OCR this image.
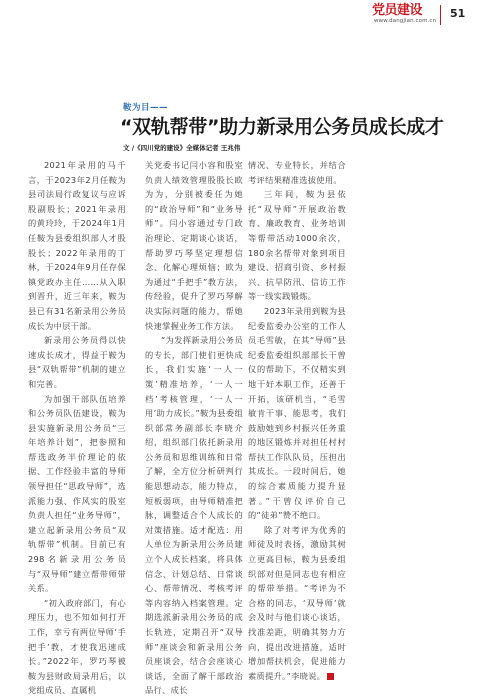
党员建设
www.dangjian.com.cn
51
鞍为目——
“双轨帮带”助力新录用公务员成长成才
文 /《四川党的建设》全媒体记者 王兆伟

2021年录用的马千言，于2023年2月任鞍为县司法局行政复议与应诉股副股长；2021年录用的黄玲玲，于2024年1月任鞍为县委组织部人才股股长；2022年录用的丁林，于2024年9月任存保镇党政办主任……从入职到晋升，近三年来，鞍为县已有31名新录用公务员成长为中层干部。

新录用公务员得以快速成长成才，得益于鞍为县“双轨帮带”机制的建立和完善。

为加强干部队伍培养和公务员队伍建设，鞍为县实施新录用公务员“三年培养计划”，把参照和帮选政务半价理论的依据、工作经验丰富的导师领导担任“思政导师”，选派能力强、作风实的股室负责人担任“业务导师”，建立起新录用公务员“双轨帮带”机制。目前已有298名新录用公务员与“双导师”建立帮带师带关系。

“初入政府部门，有心理压力，也不知如何打开工作，幸亏有两位导师‘手把手’教，才使我迅速成长。”2022年，罗巧琴被鞍为县财政局录用后，以党组成员、直属机

关党委书记闫小容和股室负责人绩效管理股股长欧为为，分别被委任为她的“政治导师”和“业务导师”。闫小容通过专门政治理论、定期谈心谈话，帮助罗巧琴坚定理想信念、化解心理烦恼；欧为为通过“手把手”教方法，传经验，促升了罗巧琴解决实际问题的能力，帮她快速掌握业务工作方法。

“为发挥新录用公务员的专长，部门使们更快成长，我们实施‘一人一策’精准培养，‘一人一档’考核管理，‘一人一用’助力成长。”鞍为县委组织部常务副部长李晓介绍，组织部门依托新录用公务员和思维训练和日常了解，全方位分析研判行能思想动态，能力特点，短板弱项，由导师精准把脉，调整适合个人成长的对策措施。适才配选：用人单位为新录用公务员建立个人成长档案，将具体信念、计划总结、日常谈心、帮带情况、考核考评等内容纳入档案管理。定期选派新录用公务员的成长轨迹，定期召开“双导师”座谈会和新录用公务员座谈会，结合会座谈心谈话，全面了解干部政治品行、成长

情况、专业特长，并结合考评结果精准选拔使用。

三年间，鞍为县依托“双导师”开展政治教育、廉政教育、业务培训等帮带活动1000余次，180余名帮带对象到项目建设、招商引资、乡村振兴、抗旱防汛、信访工作等一线实践锻炼。

2023年录用到鞍为县纪委监委办公室的工作人员毛雪敏，在其“导师”县纪委监委组织部部长干曾仪的帮助下，不仅精实到地干好本职工作，还善于开拓，该研机当，“毛雪敏肯干事、能思考，我们鼓励她到乡村振兴任务重的地区锻炼并对担任村村帮扶工作队队员，压担出其成长。一段时间后，她的综合素质能力提升显著。”干曾仪评价自己的“徒弟”赞不绝口。

除了对考评为优秀的师徒及时表扬，激励其树立更高目标，鞍为县委组织部对但是同志也有相应的帮带举措。“考评为不合格的同志，‘双导师’就会及时与他们谈心谈话，找准差距，明确其努力方向，提出改进措施，适时增加帮扶机会，促进能力素质提升。”李晓说。
